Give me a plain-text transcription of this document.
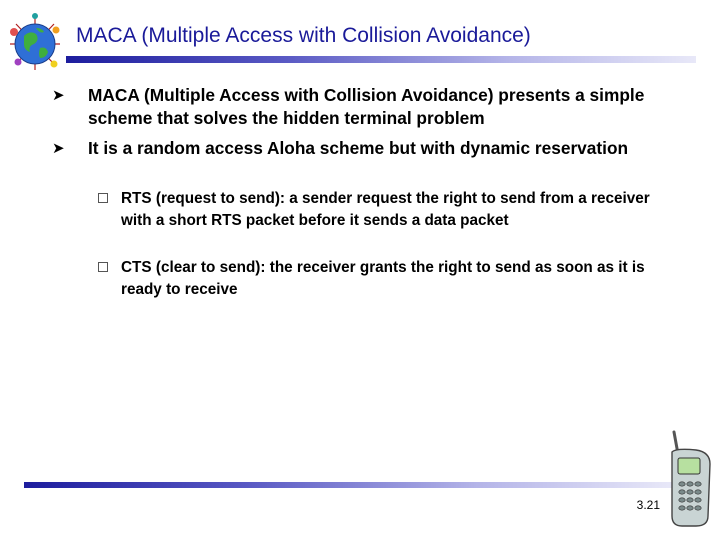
MACA (Multiple Access with Collision Avoidance)
➤ MACA (Multiple Access with Collision Avoidance) presents a simple scheme that solves the hidden terminal problem
➤ It is a random access Aloha scheme but with dynamic reservation
RTS (request to send): a sender request the right to send from a receiver with a short RTS packet before it sends a data packet
CTS (clear to send): the receiver grants the right to send as soon as it is ready to receive
3.21
